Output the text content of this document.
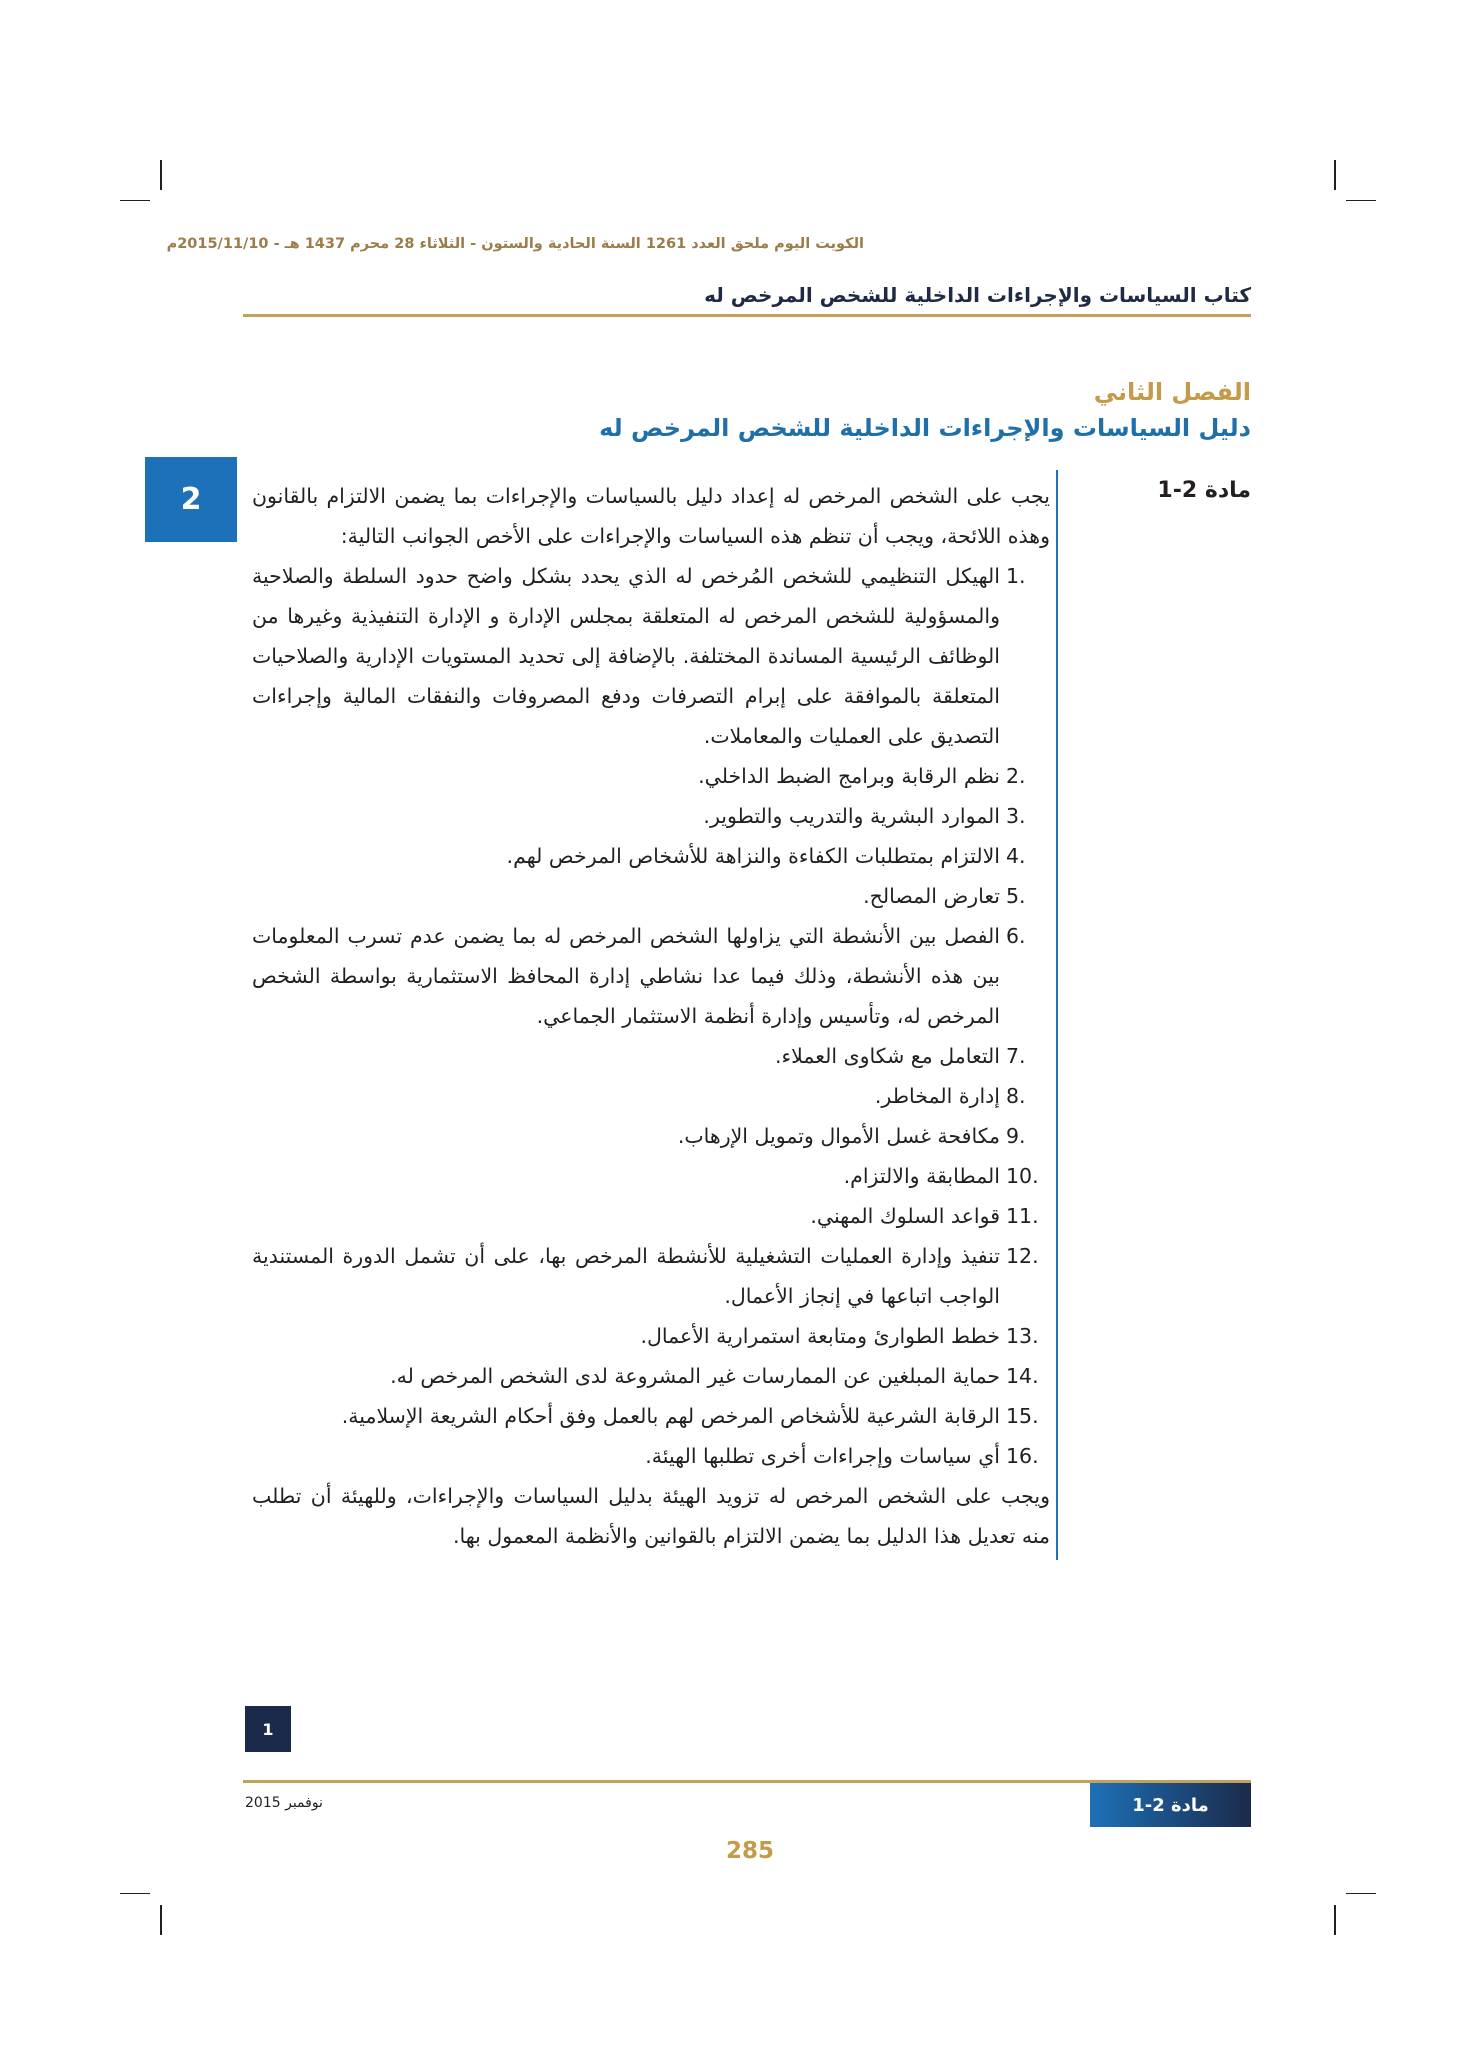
الكويت اليوم ملحق العدد 1261 السنة الحادية والستون - الثلاثاء 28 محرم 1437 هـ - 2015/11/10م
كتاب السياسات والإجراءات الداخلية للشخص المرخص له
الفصل الثاني
دليل السياسات والإجراءات الداخلية للشخص المرخص له
2	مادة 2-1

يجب على الشخص المرخص له إعداد دليل بالسياسات والإجراءات بما يضمن الالتزام بالقانون وهذه اللائحة، ويجب أن تنظم هذه السياسات والإجراءات على الأخص الجوانب التالية:

1.
الهيكل التنظيمي للشخص المُرخص له الذي يحدد بشكل واضح حدود السلطة والصلاحية والمسؤولية للشخص المرخص له المتعلقة بمجلس الإدارة و الإدارة التنفيذية وغيرها من الوظائف الرئيسية المساندة المختلفة. بالإضافة إلى تحديد المستويات الإدارية والصلاحيات المتعلقة بالموافقة على إبرام التصرفات ودفع المصروفات والنفقات المالية وإجراءات التصديق على العمليات والمعاملات.
2.
نظم الرقابة وبرامج الضبط الداخلي.
3.
الموارد البشرية والتدريب والتطوير.
4.
الالتزام بمتطلبات الكفاءة والنزاهة للأشخاص المرخص لهم.
5.
تعارض المصالح.
6.
الفصل بين الأنشطة التي يزاولها الشخص المرخص له بما يضمن عدم تسرب المعلومات بين هذه الأنشطة، وذلك فيما عدا نشاطي إدارة المحافظ الاستثمارية بواسطة الشخص المرخص له، وتأسيس وإدارة أنظمة الاستثمار الجماعي.
7.
التعامل مع شكاوى العملاء.
8.
إدارة المخاطر.
9.
مكافحة غسل الأموال وتمويل الإرهاب.
10.
المطابقة والالتزام.
11.
قواعد السلوك المهني.
12.
تنفيذ وإدارة العمليات التشغيلية للأنشطة المرخص بها، على أن تشمل الدورة المستندية الواجب اتباعها في إنجاز الأعمال.
13.
خطط الطوارئ ومتابعة استمرارية الأعمال.
14.
حماية المبلغين عن الممارسات غير المشروعة لدى الشخص المرخص له.
15.
الرقابة الشرعية للأشخاص المرخص لهم بالعمل وفق أحكام الشريعة الإسلامية.
16.
أي سياسات وإجراءات أخرى تطلبها الهيئة.

ويجب على الشخص المرخص له تزويد الهيئة بدليل السياسات والإجراءات، وللهيئة أن تطلب منه تعديل هذا الدليل بما يضمن الالتزام بالقوانين والأنظمة المعمول بها.

1
نوفمبر 2015	مادة 2-1
285
